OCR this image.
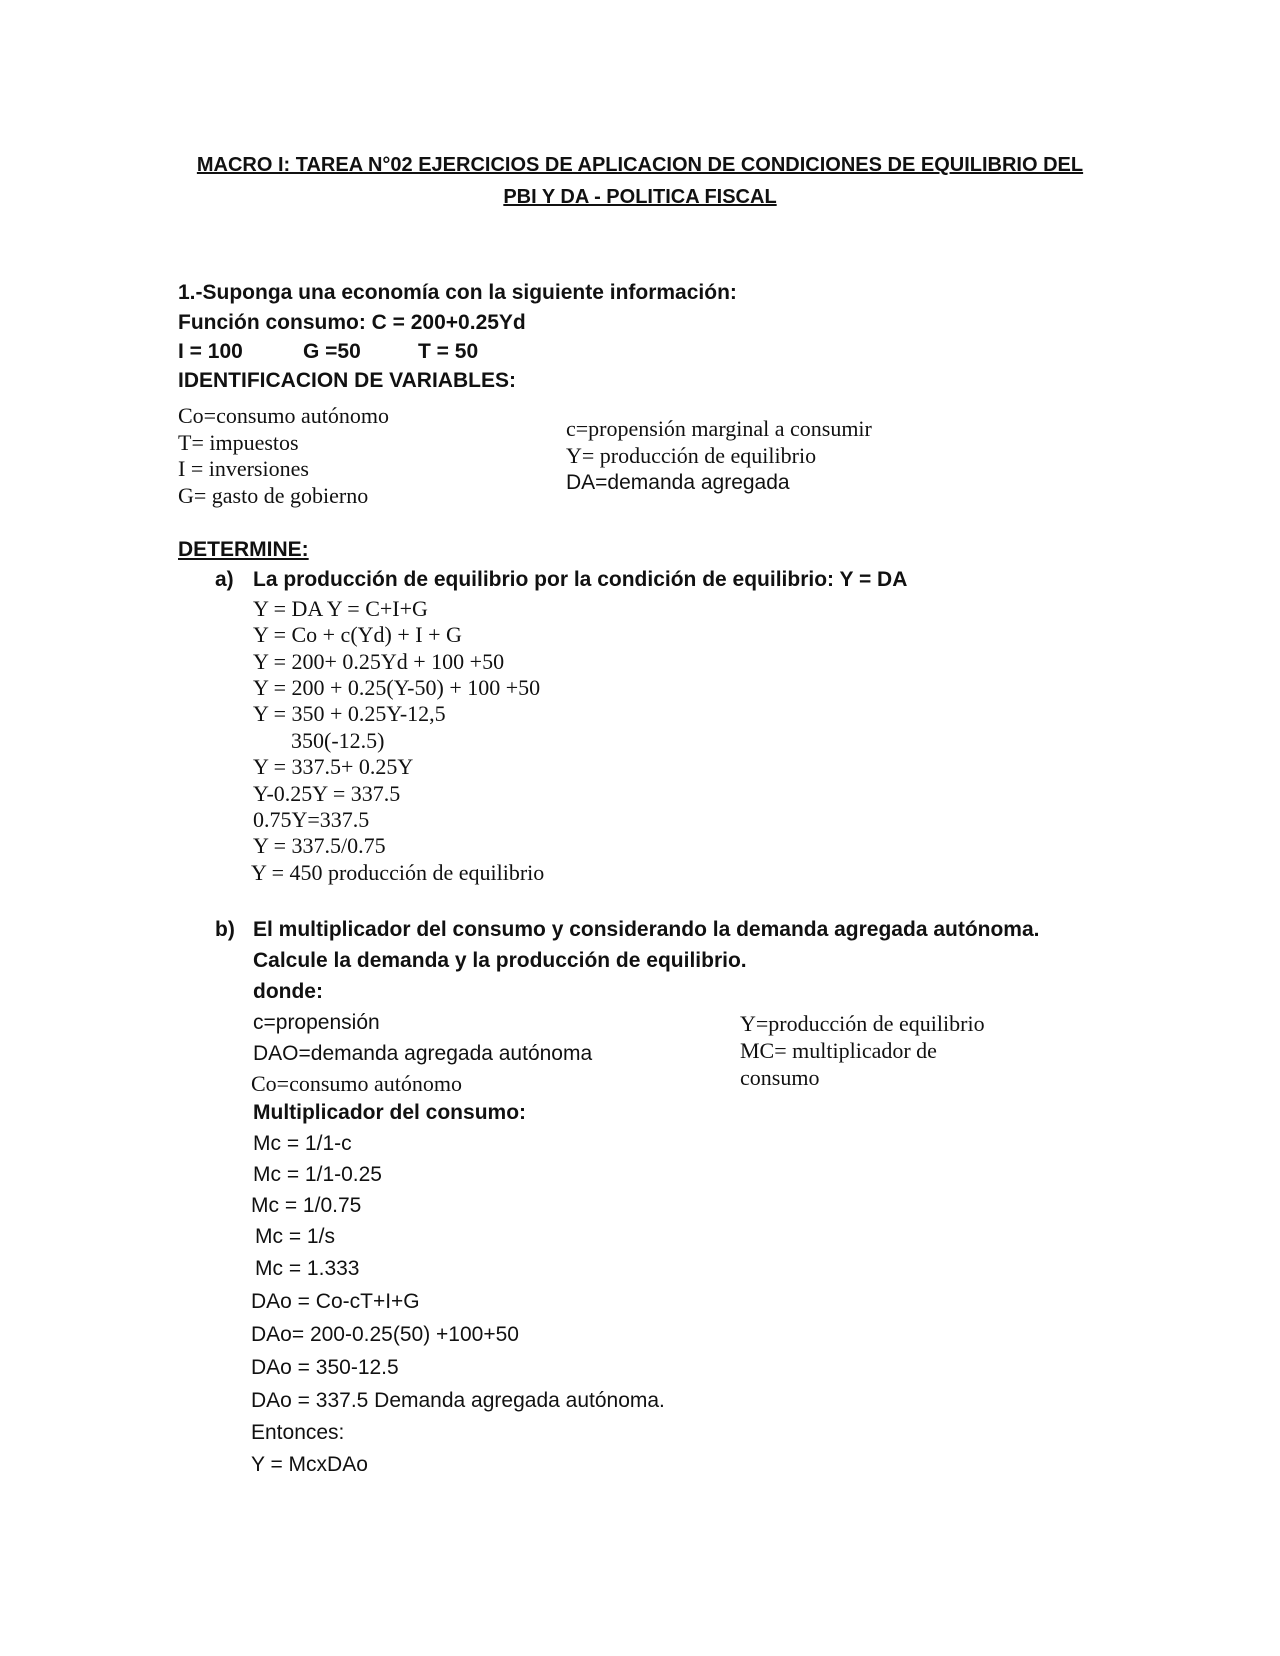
MACRO I: TAREA N°02 EJERCICIOS DE APLICACION DE CONDICIONES DE EQUILIBRIO DEL
PBI Y DA - POLITICA FISCAL
1.-Suponga una economía con la siguiente información:
Función consumo: C = 200+0.25Yd
I = 100	G =50	T = 50
IDENTIFICACION DE VARIABLES:
Co=consumo autónomo
T= impuestos
I = inversiones
G= gasto de gobierno
c=propensión marginal a consumir
Y= producción de equilibrio
DA=demanda agregada
DETERMINE:
a) La producción de equilibrio por la condición de equilibrio: Y = DA
Y = DA Y = C+I+G
Y = Co + c(Yd) + I + G
Y = 200+ 0.25Yd + 100 +50
Y = 200 + 0.25(Y-50) + 100 +50
Y = 350 + 0.25Y-12,5
350(-12.5)
Y = 337.5+ 0.25Y
Y-0.25Y = 337.5
0.75Y=337.5
Y = 337.5/0.75
Y = 450 producción de equilibrio
b) El multiplicador del consumo y considerando la demanda agregada autónoma.
Calcule la demanda y la producción de equilibrio.
donde:
c=propensión
DAO=demanda agregada autónoma
Co=consumo autónomo
Y=producción de equilibrio
MC= multiplicador de
consumo
Multiplicador del consumo:
Mc = 1/1-c
Mc = 1/1-0.25
Mc = 1/0.75
Mc = 1/s
Mc = 1.333
DAo = Co-cT+I+G
DAo= 200-0.25(50) +100+50
DAo = 350-12.5
DAo = 337.5 Demanda agregada autónoma.
Entonces:
Y = McxDAo
